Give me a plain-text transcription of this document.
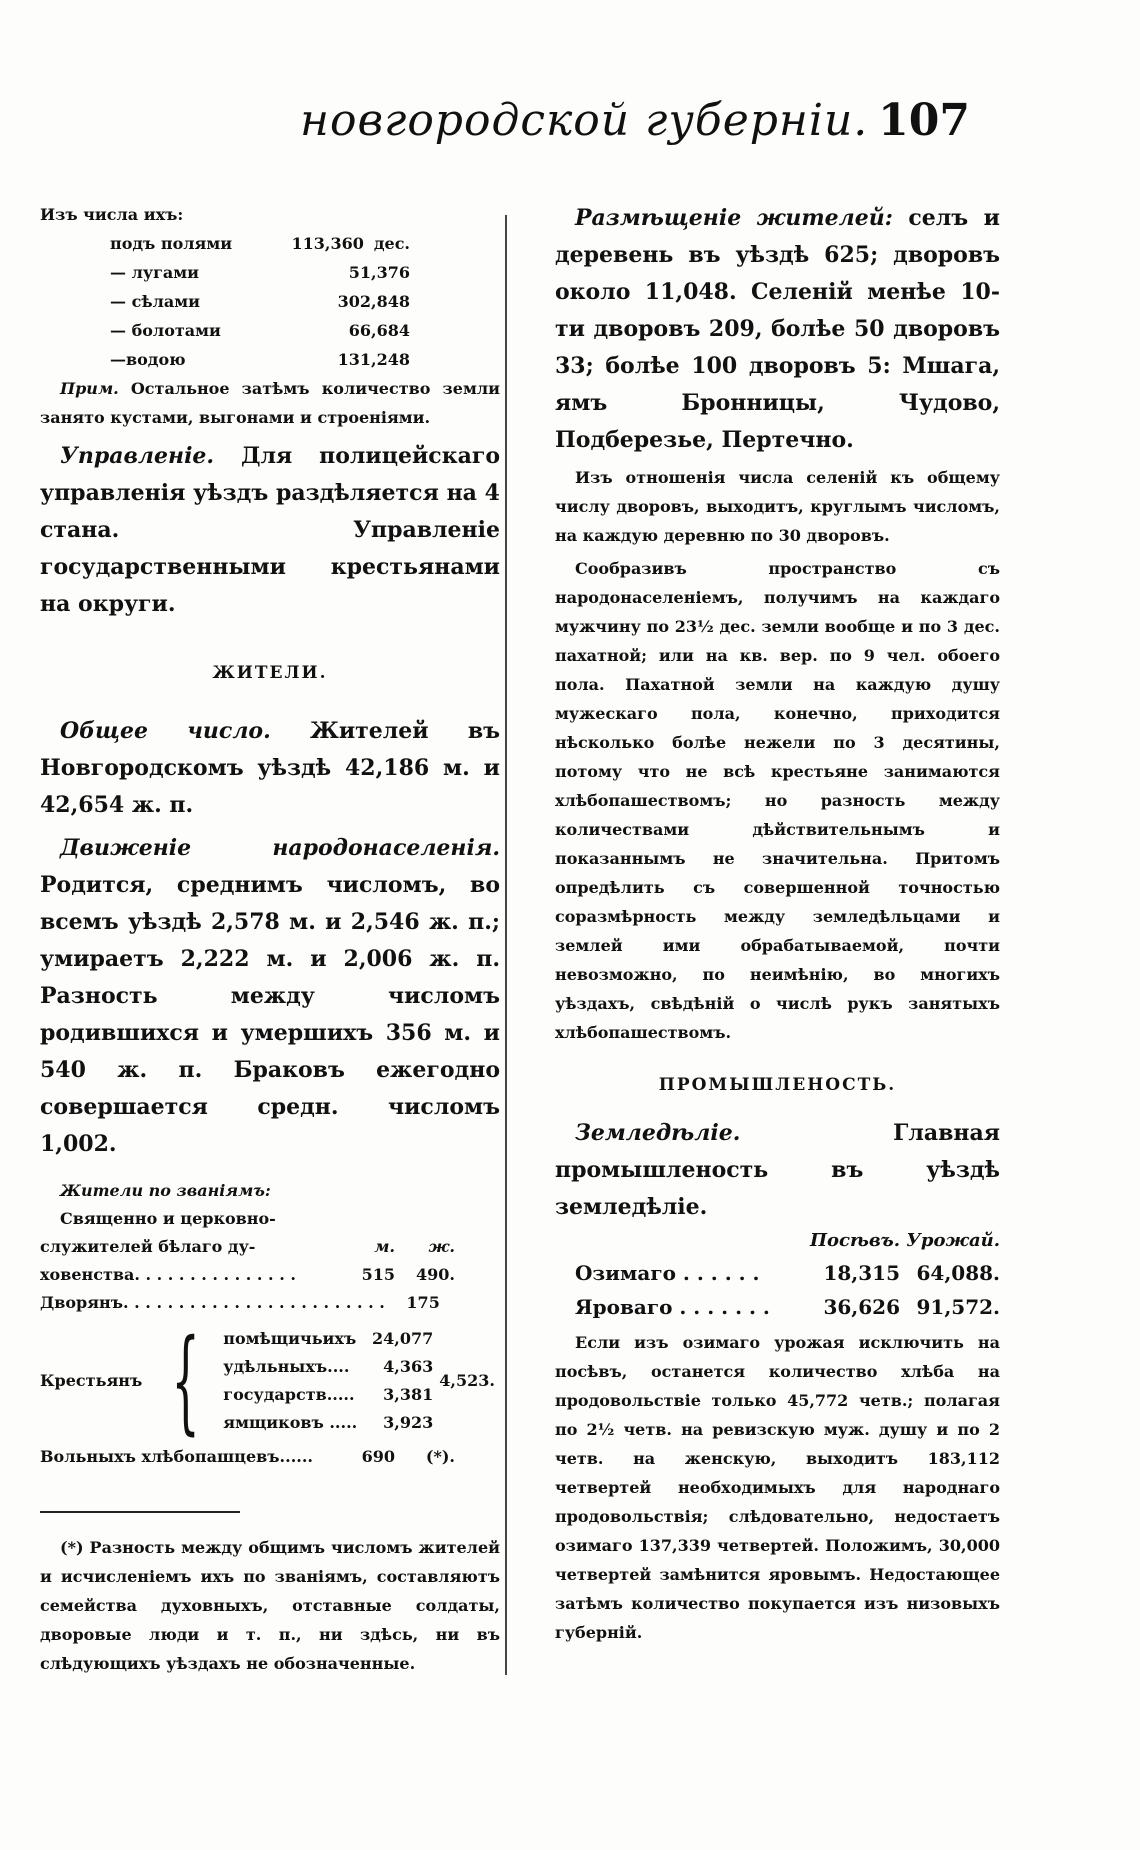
новгородской губерніи. 107

Изъ числа ихъ:

подъ полями	113,360 дес.
— лугами	51,376
— сѣлами	302,848
— болотами	66,684
—водою	131,248

Прим. Остальное затѣмъ количество земли занято кустами, выгонами и строеніями.

Управленіе. Для полицейскаго управленія уѣздъ раздѣляется на 4 стана. Управленіе государственными крестьянами на округи.

ЖИТЕЛИ.

Общее число. Жителей въ Новгородскомъ уѣздѣ 42,186 м. и 42,654 ж. п.

Движеніе народонаселенія. Родится, среднимъ числомъ, во всемъ уѣздѣ 2,578 м. и 2,546 ж. п.; умираетъ 2,222 м. и 2,006 ж. п. Разность между числомъ родившихся и умершихъ 356 м. и 540 ж. п. Браковъ ежегодно совершается средн. числомъ 1,002.

Жители по званіямъ:

Священно и церковно-

служителей бѣлаго ду-	м.	ж.
ховенства. . . . . . . . . . . . . . .	515	490.
Дворянъ. . . . . . . . . . . . . . . . . . . . . . . .	175
Крестьянъ { помѣщичьихъ 24,077
удѣльныхъ.... 4,363
государств..... 3,381
ямщиковъ ..... 3,923
4,523.
Вольныхъ хлѣбопашцевъ......	690	(*).

(*) Разность между общимъ числомъ жителей и исчисленіемъ ихъ по званіямъ, составляютъ семейства духовныхъ, отставные солдаты, дворовые люди и т. п., ни здѣсь, ни въ слѣдующихъ уѣздахъ не обозначенные.

Размѣщеніе жителей: селъ и деревень въ уѣздѣ 625; дворовъ около 11,048. Селеній менѣе 10-ти дворовъ 209, болѣе 50 дворовъ 33; болѣе 100 дворовъ 5: Мшага, ямъ Бронницы, Чудово, Подберезье, Пертечно.

Изъ отношенія числа селеній къ общему числу дворовъ, выходитъ, круглымъ числомъ, на каждую деревню по 30 дворовъ.

Сообразивъ пространство съ народонаселеніемъ, получимъ на каждаго мужчину по 23½ дес. земли вообще и по 3 дес. пахатной; или на кв. вер. по 9 чел. обоего пола. Пахатной земли на каждую душу мужескаго пола, конечно, приходится нѣсколько болѣе нежели по 3 десятины, потому что не всѣ крестьяне занимаются хлѣбопашествомъ; но разность между количествами дѣйствительнымъ и показаннымъ не значительна. Притомъ опредѣлить съ совершенной точностью соразмѣрность между земледѣльцами и землей ими обрабатываемой, почти невозможно, по неимѣнію, во многихъ уѣздахъ, свѣдѣній о числѣ рукъ занятыхъ хлѣбопашествомъ.

ПРОМЫШЛЕНОСТЬ.

Земледѣліе.	Главная промышленость въ уѣздѣ земледѣліе.

Посѣвъ. Урожай.
Озимаго . . . . . .	18,315 64,088.
Яроваго . . . . . . .	36,626 91,572.

Если изъ озимаго урожая исключить на посѣвъ, останется количество хлѣба на продовольствіе только 45,772 четв.; полагая по 2½ четв. на ревизскую муж. душу и по 2 четв. на женскую, выходитъ 183,112 четвертей необходимыхъ для народнаго продовольствія; слѣдовательно, недостаетъ озимаго 137,339 четвертей. Положимъ, 30,000 четвертей замѣнится яровымъ. Недостающее затѣмъ количество покупается изъ низовыхъ губерній.
